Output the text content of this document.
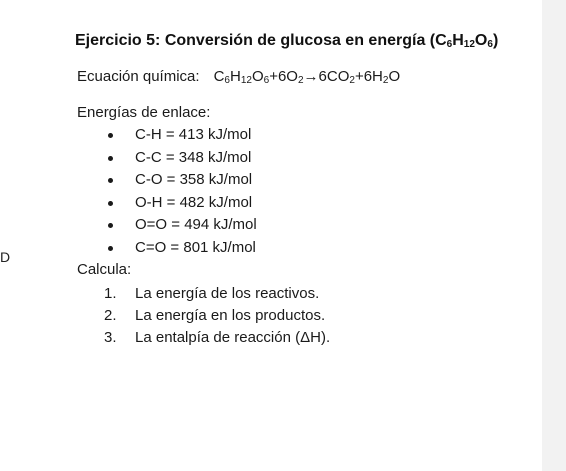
D
Ejercicio 5: Conversión de glucosa en energía $(C_6H_{12}O_6)$
Ecuación química: $C_6H_{12}O_6+6O_2\to 6CO_2+6H_2O$
Energías de enlace:
C-H = 413 kJ/mol
C-C = 348 kJ/mol
C-O = 358 kJ/mol
O-H = 482 kJ/mol
O=O = 494 kJ/mol
C=O = 801 kJ/mol
Calcula:
1. La energía de los reactivos.
2. La energía en los productos.
3. La entalpía de reacción (ΔH).
